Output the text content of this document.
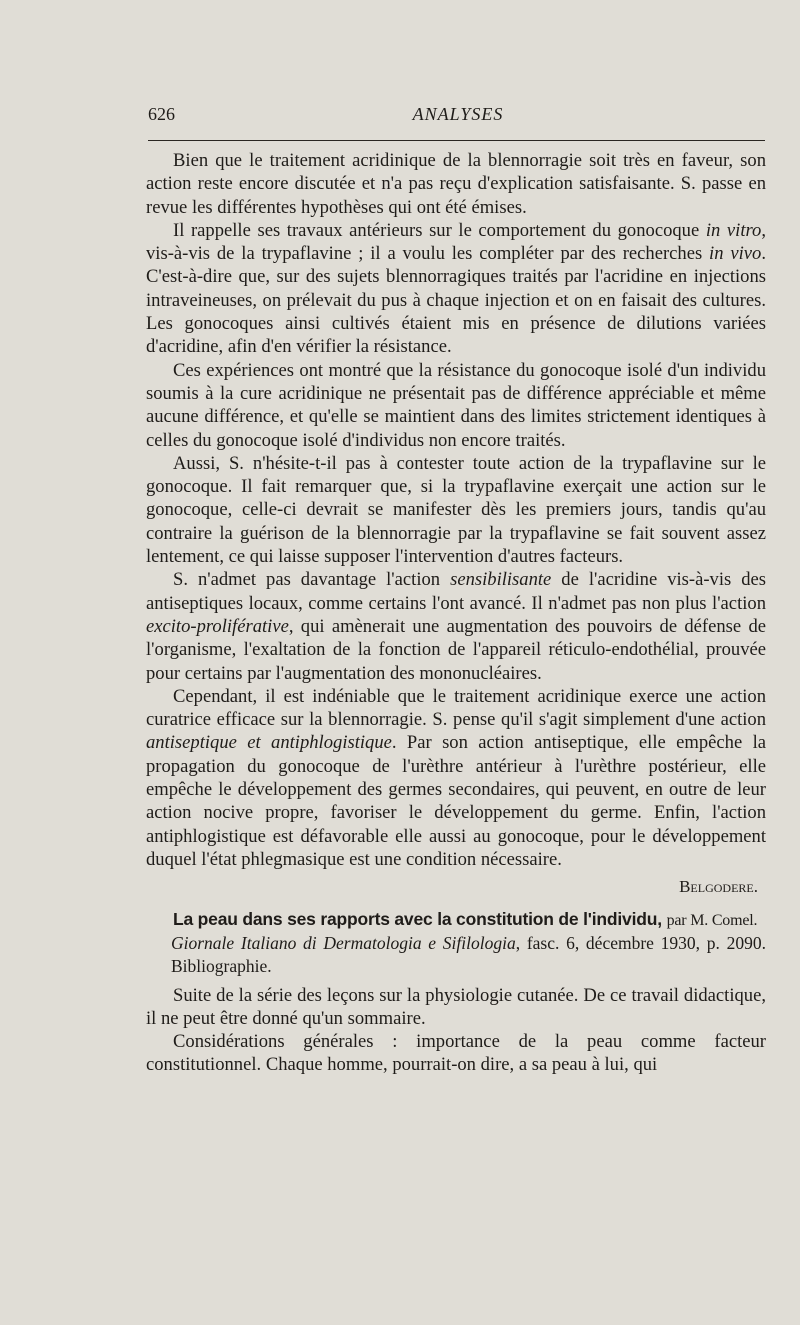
626	ANALYSES

Bien que le traitement acridinique de la blennorragie soit très en faveur, son action reste encore discutée et n'a pas reçu d'explication satisfaisante. S. passe en revue les différentes hypothèses qui ont été émises.

Il rappelle ses travaux antérieurs sur le comportement du gonocoque in vitro, vis-à-vis de la trypaflavine ; il a voulu les compléter par des recherches in vivo. C'est-à-dire que, sur des sujets blennorragiques traités par l'acridine en injections intraveineuses, on prélevait du pus à chaque injection et on en faisait des cultures. Les gonocoques ainsi cultivés étaient mis en présence de dilutions variées d'acridine, afin d'en vérifier la résistance.

Ces expériences ont montré que la résistance du gonocoque isolé d'un individu soumis à la cure acridinique ne présentait pas de différence appréciable et même aucune différence, et qu'elle se maintient dans des limites strictement identiques à celles du gonocoque isolé d'individus non encore traités.

Aussi, S. n'hésite-t-il pas à contester toute action de la trypaflavine sur le gonocoque. Il fait remarquer que, si la trypaflavine exerçait une action sur le gonocoque, celle-ci devrait se manifester dès les premiers jours, tandis qu'au contraire la guérison de la blennorragie par la trypaflavine se fait souvent assez lentement, ce qui laisse supposer l'intervention d'autres facteurs.

S. n'admet pas davantage l'action sensibilisante de l'acridine vis-à-vis des antiseptiques locaux, comme certains l'ont avancé. Il n'admet pas non plus l'action excito-proliférative, qui amènerait une augmentation des pouvoirs de défense de l'organisme, l'exaltation de la fonction de l'appareil réticulo-endothélial, prouvée pour certains par l'augmentation des mononucléaires.

Cependant, il est indéniable que le traitement acridinique exerce une action curatrice efficace sur la blennorragie. S. pense qu'il s'agit simplement d'une action antiseptique et antiphlogistique. Par son action antiseptique, elle empêche la propagation du gonocoque de l'urèthre antérieur à l'urèthre postérieur, elle empêche le développement des germes secondaires, qui peuvent, en outre de leur action nocive propre, favoriser le développement du germe. Enfin, l'action antiphlogistique est défavorable elle aussi au gonocoque, pour le développement duquel l'état phlegmasique est une condition nécessaire.

Belgodere.

La peau dans ses rapports avec la constitution de l'individu, par M. Comel.

Giornale Italiano di Dermatologia e Sifilologia, fasc. 6, décembre 1930, p. 2090. Bibliographie.

Suite de la série des leçons sur la physiologie cutanée. De ce travail didactique, il ne peut être donné qu'un sommaire.

Considérations générales : importance de la peau comme facteur constitutionnel. Chaque homme, pourrait-on dire, a sa peau à lui, qui
